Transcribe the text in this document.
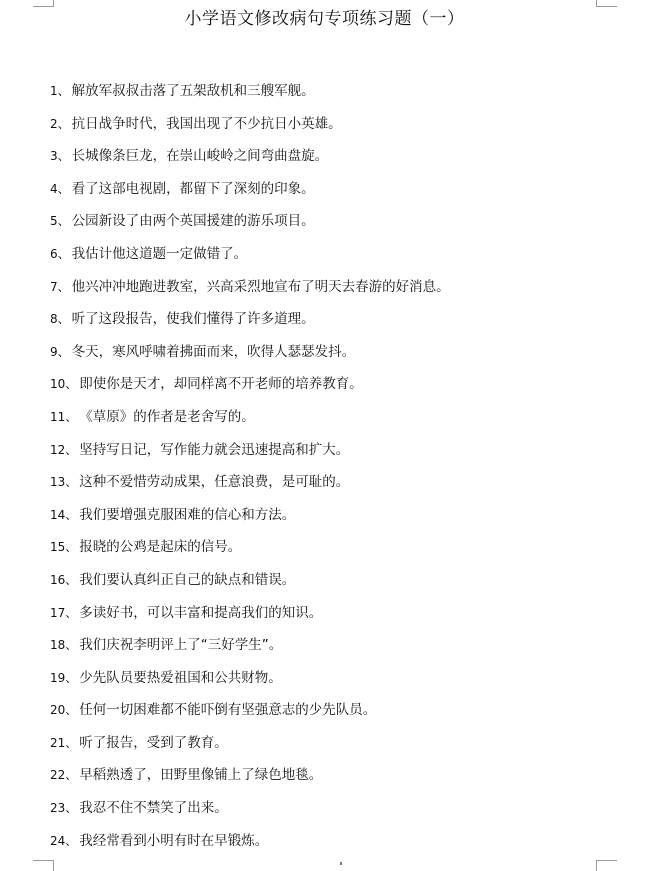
小学语文修改病句专项练习题（一）
1、 解放军叔叔击落了五架敌机和三艘军舰。
2、 抗日战争时代，我国出现了不少抗日小英雄。
3、 长城像条巨龙，在崇山峻岭之间弯曲盘旋。
4、 看了这部电视剧，都留下了深刻的印象。
5、 公园新设了由两个英国援建的游乐项目。
6、 我估计他这道题一定做错了。
7、 他兴冲冲地跑进教室，兴高采烈地宣布了明天去春游的好消息。
8、 听了这段报告，使我们懂得了许多道理。
9、 冬天，寒风呼啸着拂面而来，吹得人瑟瑟发抖。
10、 即使你是天才，却同样离不开老师的培养教育。
11、 《草原》的作者是老舍写的。
12、 坚持写日记，写作能力就会迅速提高和扩大。
13、 这种不爱惜劳动成果，任意浪费，是可耻的。
14、 我们要增强克服困难的信心和方法。
15、 报晓的公鸡是起床的信号。
16、 我们要认真纠正自己的缺点和错误。
17、 多读好书，可以丰富和提高我们的知识。
18、 我们庆祝李明评上了“三好学生”。
19、 少先队员要热爱祖国和公共财物。
20、 任何一切困难都不能吓倒有坚强意志的少先队员。
21、 听了报告，受到了教育。
22、 早稻熟透了，田野里像铺上了绿色地毯。
23、 我忍不住不禁笑了出来。
24、 我经常看到小明有时在早锻炼。
